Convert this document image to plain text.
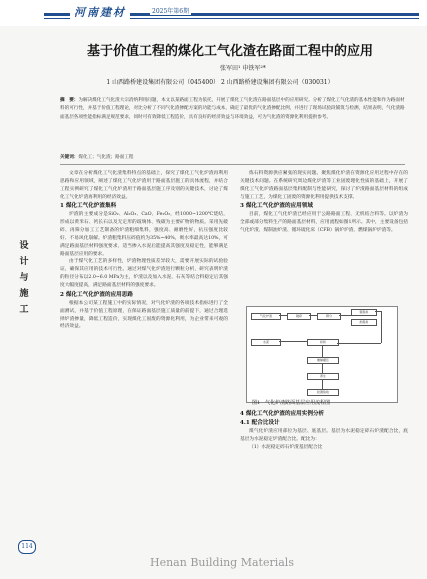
河南建材	2025年第6期
基于价值工程的煤化工气化渣在路面工程中的应用
张军田¹ 申铁军²*
1 山西路桥建设集团有限公司（045400） 2 山西路桥建设集团有限公司（030031）
摘　要：为解决煤化工气化渣大宗消纳利用问题，本文以某路面工程为依托，开展了煤化工气化渣在路面基层中的应用研究。分析了煤化工气化渣的基本性能和作为路面材料的可行性，并基于价值工程理论，对比分析了不同气化渣掺配方案的功能与成本，确定了最优的气化渣掺配比例，并进行了现场试验段铺筑与检测，结果表明，气化渣路面基层各项性能指标满足规范要求，同时可有效降低工程造价，具有良好的经济效益与环境效益，可为气化渣的资源化利用提供参考。
关键词：煤化工；气化渣；路面工程
设计与施工

文章在分析煤化工气化渣集料特点的基础上，探究了煤化工气化炉渣再利用思路和应用领域，阐述了煤化工气化炉渣用于路面基层施工的具体流程，并结合工程实例研究了煤化工气化炉渣用于路面基层施工序及别的关键技术，讨论了煤化工气化炉渣再利用的经济效益。

1 煤化工气化炉渣集料

炉渣的主要成分是SiO₂、Al₂O₃、CaO、Fe₂O₃，经1000~1200℃烧结，形成以黄米石、钙长石以及无定形的玻璃体、残碳为主要矿物的物质。采用先破碎、再筛分加工工艺制备的炉渣粗细集料，强度高、耐磨性好，抗压强度比较好、不易风化崩解。炉渣粗集料压碎值约为35%~40%，吸水率最高达10%，可满足路面基层材料强度要求，适当掺入水泥后能提高其强度及稳定性，能够满足路面基层应用的要求。

由于煤气化工艺的多样性，炉渣物理性质差异较大，需要开展实际的试验验证，确保其应用的技术可行性。通过对煤气化炉渣进行颗粒分析，研究表明炉渣的粒径分布以2.0~6.0 MPa为主，炉渣以及加入水泥、石灰等结合料稳定后其强度大幅度提高，满足路面基层材料的强度要求。

2 煤化工气化炉渣的应用思路

根据本公司某工程施工中的实际情况，对气化炉渣的各项技术指标进行了全面测试，并基于价值工程原理，在保证路面基层施工质量的前提下，通过合理选择炉渣掺量，降低工程造价，实现煤化工固废的资源化利用，为企业带来可观的经济效益。

炼石料资源供应紧张的现实问题。聚焦煤化炉渣在资源化应用过程中存在的关键技术问题。在系统研究周边煤化炉渣等工业固废理化性质的基础上，开展了煤化工气化炉渣路面基层集料配制与性能研究，探讨了炉渣路面基层材料的组成与施工工艺，为煤化工固废的资源化利用提供技术支撑。

3 煤化工气化炉渣的应用领域

目前，煤化工气化炉渣已经应用于公路路面工程、无机结合料等。以炉渣为全部或部分集料生产的路面基层材料，应用流程如图1所示。其中，主要设备包括气化炉渣、煤制油炉渣、循环硫化床（CFB）锅炉炉渣、燃煤锅炉炉渣等。

气化炉渣	破碎	筛分
粗集料
细集料
水泥	拌和
摊铺碾压
养生
检测验收
图1　气化炉渣路面基层应用流程图
4 煤化工气化炉渣的应用实例分析
4.1 配合比设计

煤气化炉渣应用部位为基层、底基层。基层为水泥稳定碎石炉渣配合比，底基层为水泥稳定炉渣配合比。配比为：

（1）水泥稳定碎石炉渣基层配合比

114
Henan Building Materials
